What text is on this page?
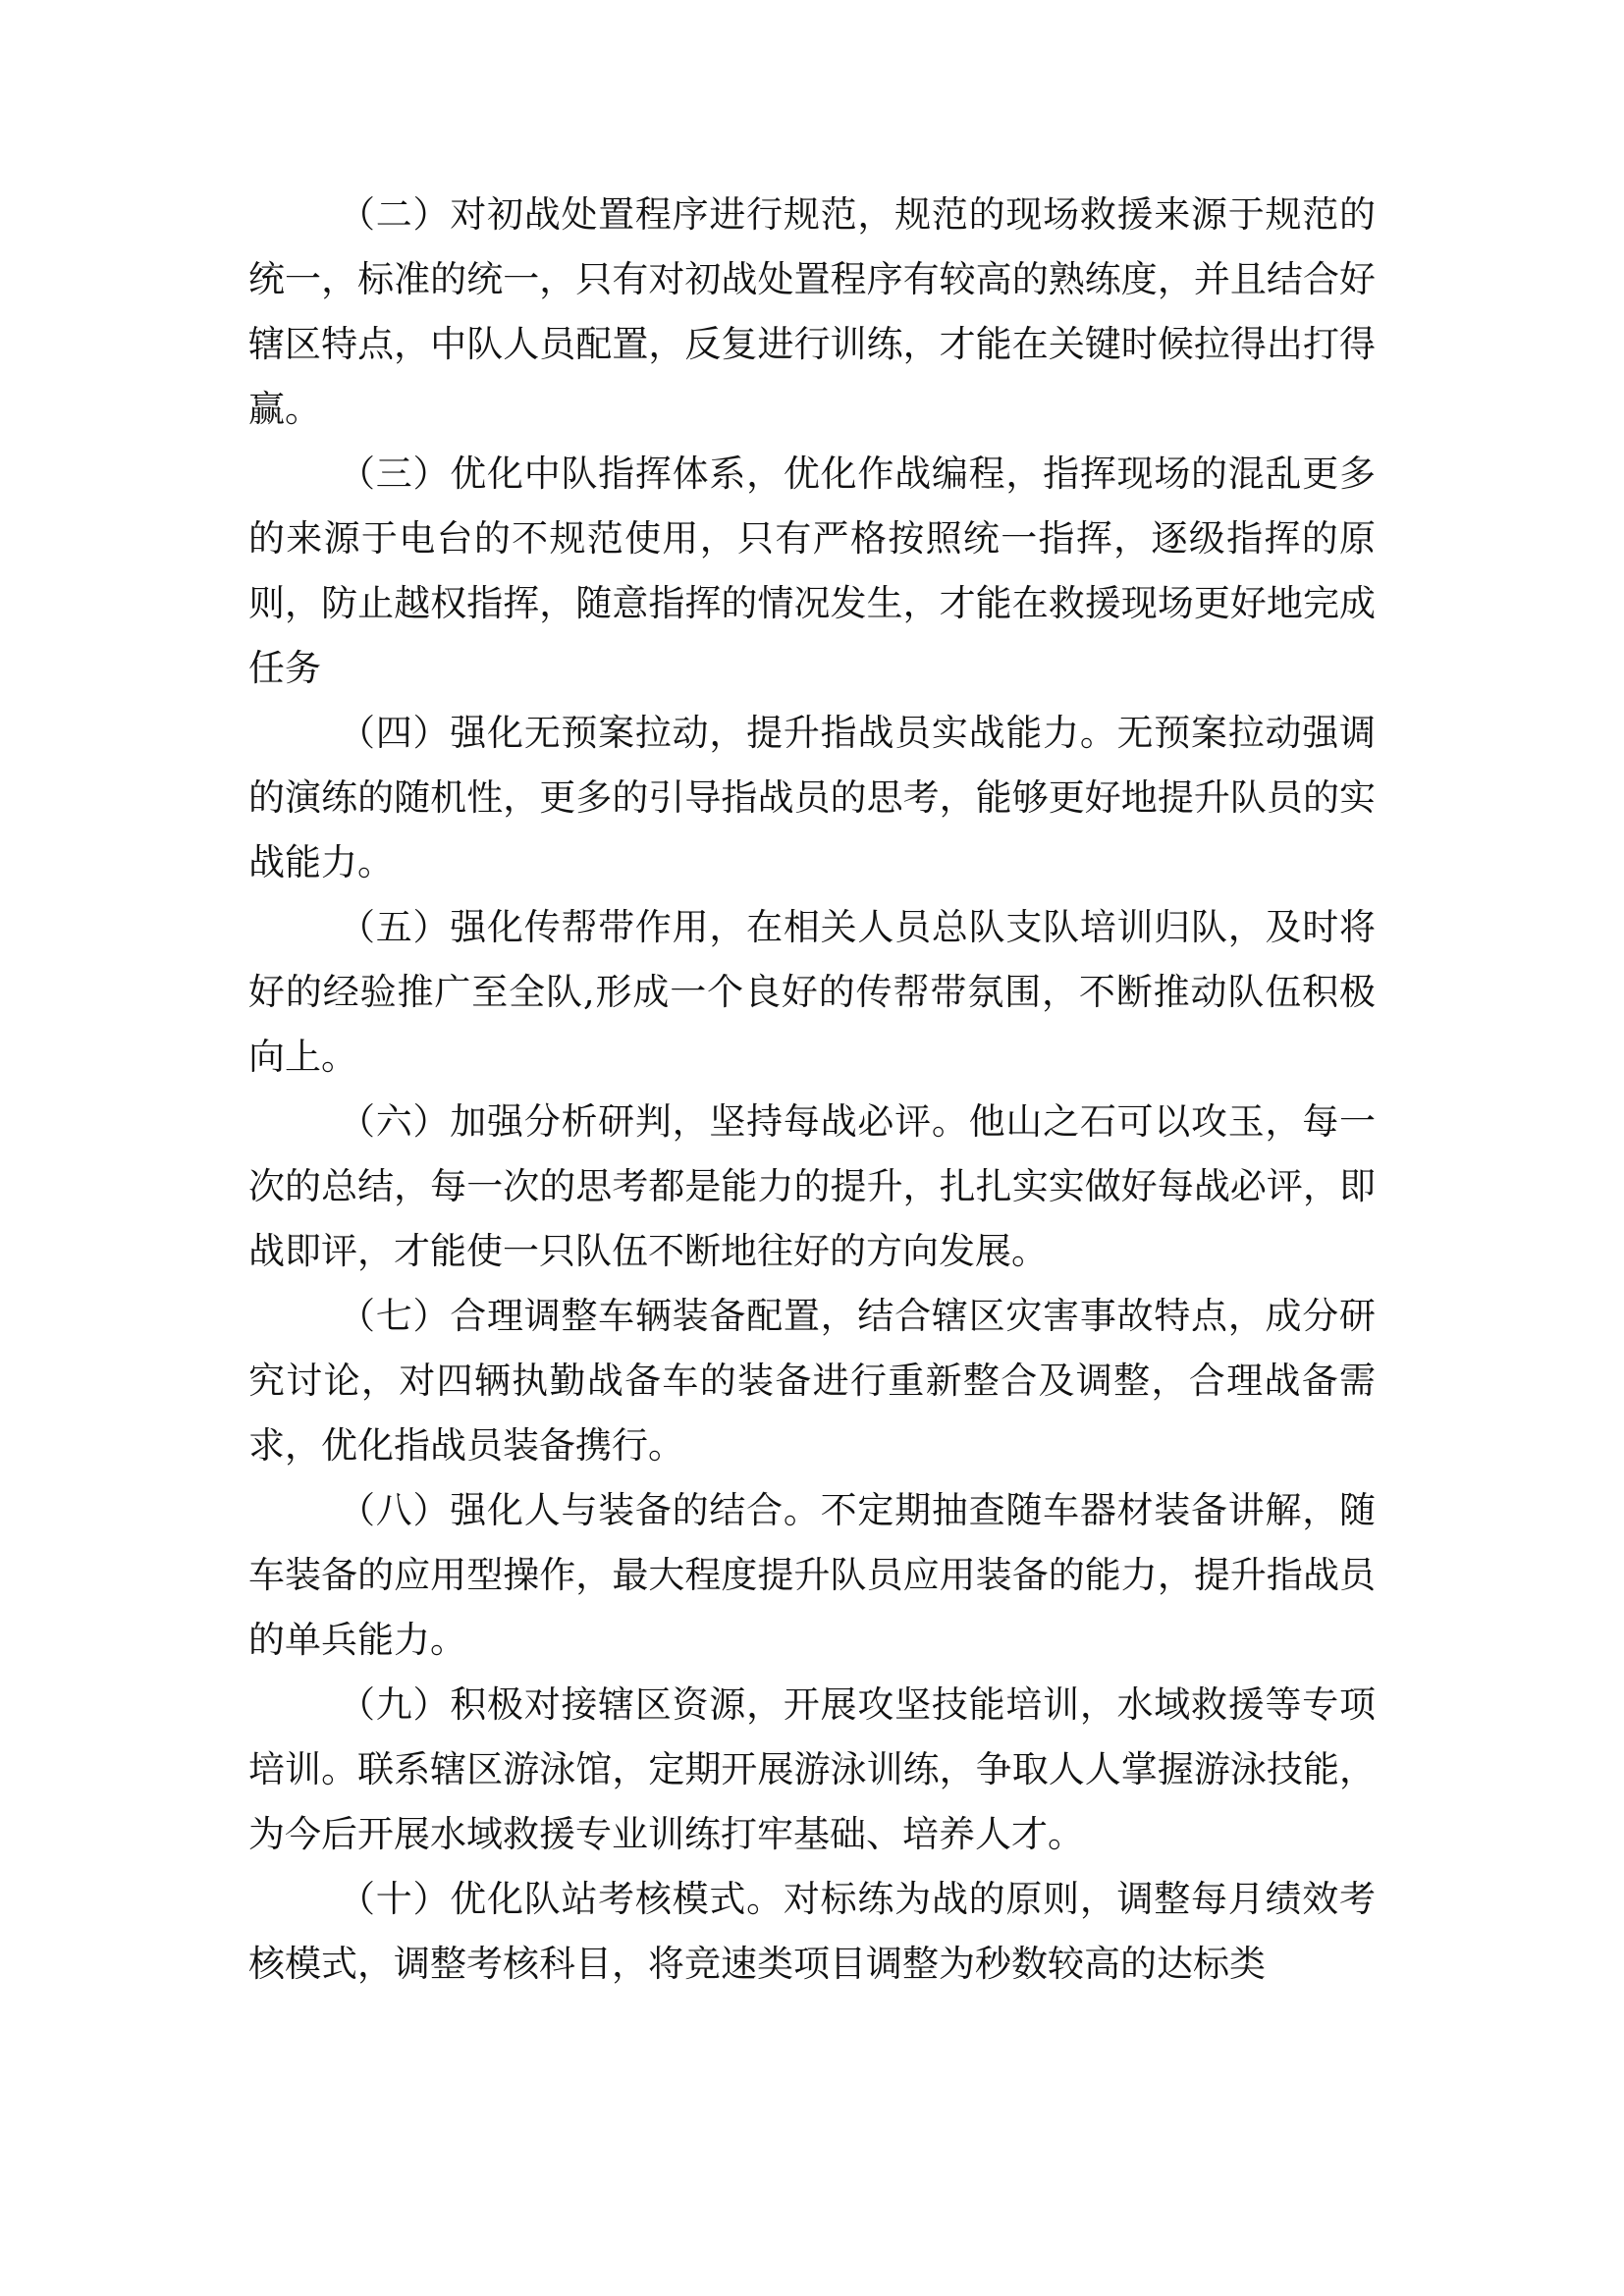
（二）对初战处置程序进行规范，规范的现场救援来源于规范的统一，标准的统一，只有对初战处置程序有较高的熟练度，并且结合好辖区特点，中队人员配置，反复进行训练，才能在关键时候拉得出打得赢。

（三）优化中队指挥体系，优化作战编程，指挥现场的混乱更多的来源于电台的不规范使用，只有严格按照统一指挥，逐级指挥的原则，防止越权指挥，随意指挥的情况发生，才能在救援现场更好地完成任务

（四）强化无预案拉动，提升指战员实战能力。无预案拉动强调的演练的随机性，更多的引导指战员的思考，能够更好地提升队员的实战能力。

（五）强化传帮带作用，在相关人员总队支队培训归队，及时将好的经验推广至全队,形成一个良好的传帮带氛围，不断推动队伍积极向上。

（六）加强分析研判，坚持每战必评。他山之石可以攻玉，每一次的总结，每一次的思考都是能力的提升，扎扎实实做好每战必评，即战即评，才能使一只队伍不断地往好的方向发展。

（七）合理调整车辆装备配置，结合辖区灾害事故特点，成分研究讨论，对四辆执勤战备车的装备进行重新整合及调整，合理战备需求，优化指战员装备携行。

（八）强化人与装备的结合。不定期抽查随车器材装备讲解，随车装备的应用型操作，最大程度提升队员应用装备的能力，提升指战员的单兵能力。

（九）积极对接辖区资源，开展攻坚技能培训，水域救援等专项培训。联系辖区游泳馆，定期开展游泳训练，争取人人掌握游泳技能，为今后开展水域救援专业训练打牢基础、培养人才。

（十）优化队站考核模式。对标练为战的原则，调整每月绩效考核模式，调整考核科目，将竞速类项目调整为秒数较高的达标类
